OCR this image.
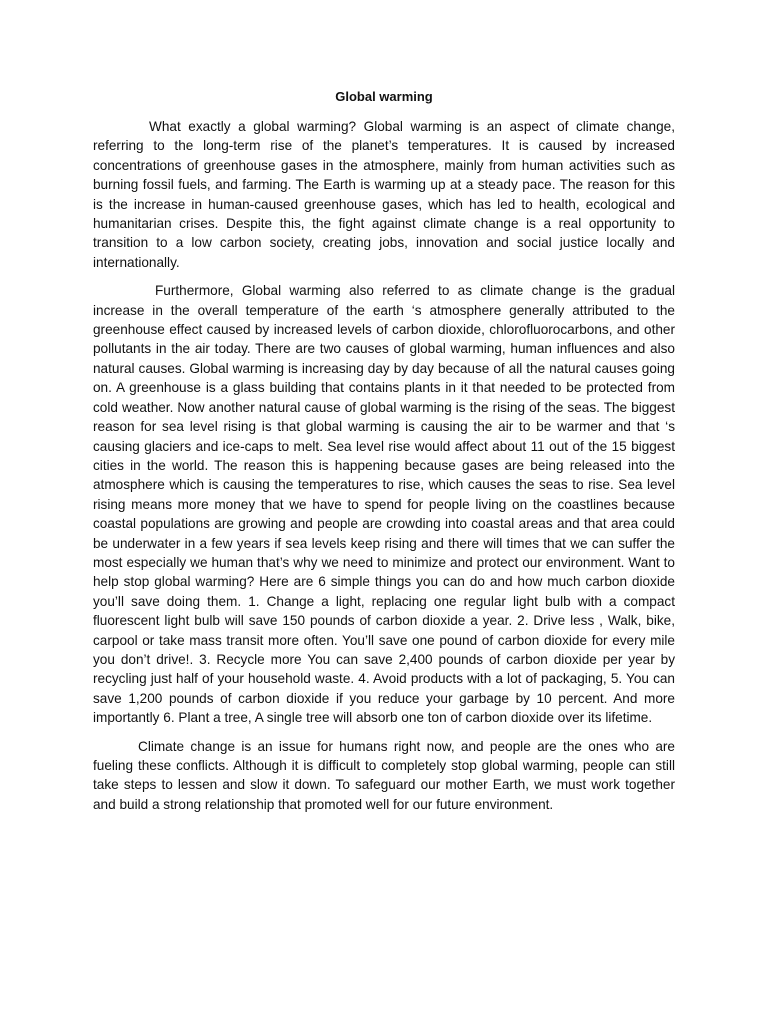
Global warming

What exactly a global warming? Global warming is an aspect of climate change, referring to the long-term rise of the planet’s temperatures. It is caused by increased concentrations of greenhouse gases in the atmosphere, mainly from human activities such as burning fossil fuels, and farming. The Earth is warming up at a steady pace. The reason for this is the increase in human-caused greenhouse gases, which has led to health, ecological and humanitarian crises. Despite this, the fight against climate change is a real opportunity to transition to a low carbon society, creating jobs, innovation and social justice locally and internationally.

Furthermore, Global warming also referred to as climate change is the gradual increase in the overall temperature of the earth ‘s atmosphere generally attributed to the greenhouse effect caused by increased levels of carbon dioxide, chlorofluorocarbons, and other pollutants in the air today. There are two causes of global warming, human influences and also natural causes. Global warming is increasing day by day because of all the natural causes going on. A greenhouse is a glass building that contains plants in it that needed to be protected from cold weather. Now another natural cause of global warming is the rising of the seas. The biggest reason for sea level rising is that global warming is causing the air to be warmer and that ‘s causing glaciers and ice-caps to melt. Sea level rise would affect about 11 out of the 15 biggest cities in the world. The reason this is happening because gases are being released into the atmosphere which is causing the temperatures to rise, which causes the seas to rise. Sea level rising means more money that we have to spend for people living on the coastlines because coastal populations are growing and people are crowding into coastal areas and that area could be underwater in a few years if sea levels keep rising and there will times that we can suffer the most especially we human that’s why we need to minimize and protect our environment. Want to help stop global warming? Here are 6 simple things you can do and how much carbon dioxide you’ll save doing them. 1. Change a light, replacing one regular light bulb with a compact fluorescent light bulb will save 150 pounds of carbon dioxide a year. 2. Drive less , Walk, bike, carpool or take mass transit more often. You’ll save one pound of carbon dioxide for every mile you don’t drive!. 3. Recycle more You can save 2,400 pounds of carbon dioxide per year by recycling just half of your household waste. 4. Avoid products with a lot of packaging, 5. You can save 1,200 pounds of carbon dioxide if you reduce your garbage by 10 percent. And more importantly 6. Plant a tree, A single tree will absorb one ton of carbon dioxide over its lifetime.

Climate change is an issue for humans right now, and people are the ones who are fueling these conflicts. Although it is difficult to completely stop global warming, people can still take steps to lessen and slow it down. To safeguard our mother Earth, we must work together and build a strong relationship that promoted well for our future environment.
